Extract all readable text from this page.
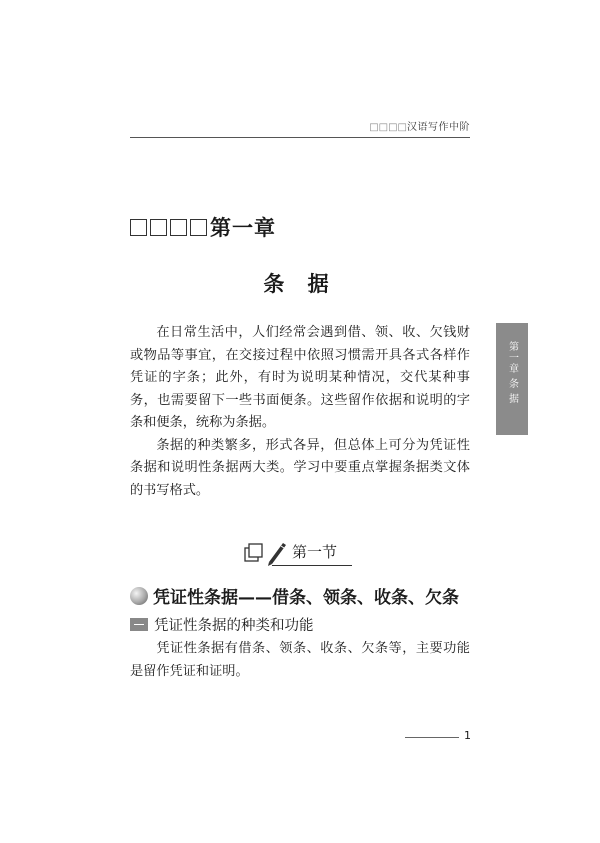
□□□□汉语写作中阶
第一章
条 据
第一章 条 据

在日常生活中，人们经常会遇到借、领、收、欠钱财或物品等事宜，在交接过程中依照习惯需开具各式各样作凭证的字条；此外，有时为说明某种情况，交代某种事务，也需要留下一些书面便条。这些留作依据和说明的字条和便条，统称为条据。

条据的种类繁多，形式各异，但总体上可分为凭证性条据和说明性条据两大类。学习中要重点掌握条据类文体的书写格式。

第一节
凭证性条据——借条、领条、收条、欠条
凭证性条据的种类和功能

凭证性条据有借条、领条、收条、欠条等，主要功能是留作凭证和证明。

1
